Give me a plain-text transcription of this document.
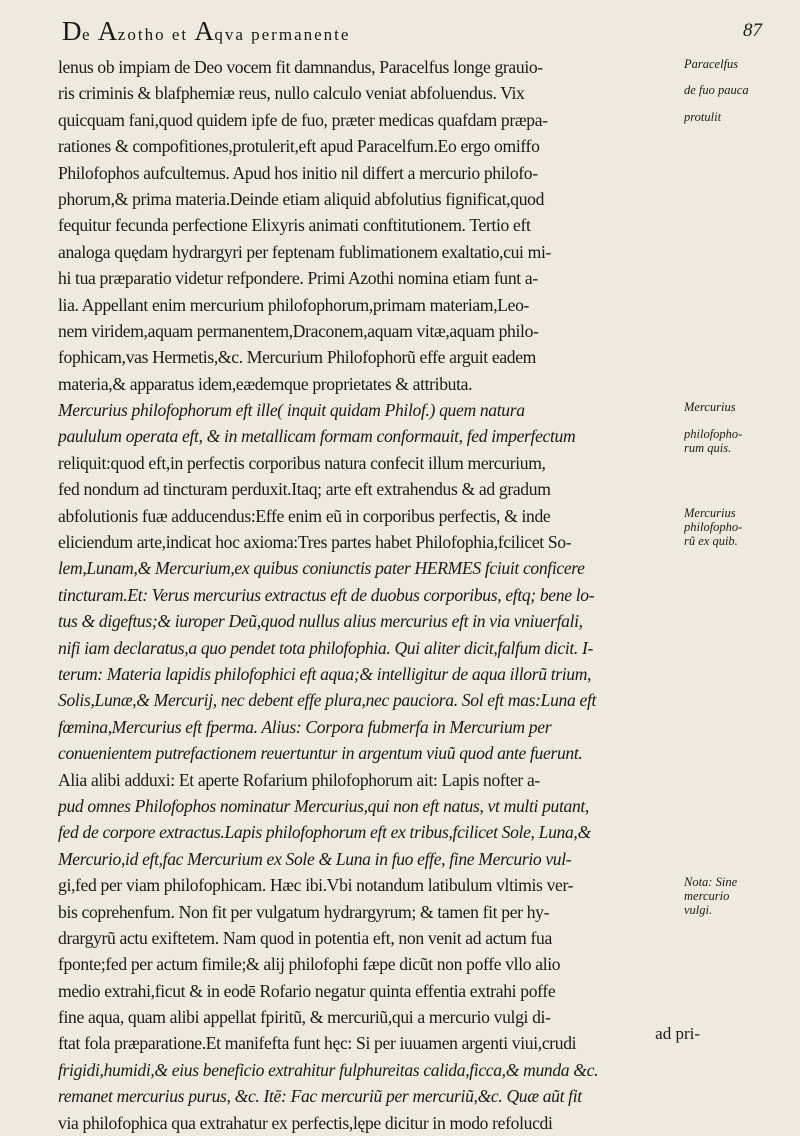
De Azotho et Aqva permanente	87
lenus ob impiam de Deo vocem fit damnandus, Paracelfus longe grauio-
ris criminis & blafphemiæ reus, nullo calculo veniat abfoluendus. Vix
quicquam fani,quod quidem ipfe de fuo, præter medicas quafdam præpa-
rationes & compofitiones,protulerit,eft apud Paracelfum.Eo ergo omiffo
Philofophos aufcultemus. Apud hos initio nil differt a mercurio philofo-
phorum,& prima materia.Deinde etiam aliquid abfolutius fignificat,quod
fequitur fecunda perfectione Elixyris animati conftitutionem. Tertio eft
analoga quędam hydrargyri per feptenam fublimationem exaltatio,cui mi-
hi tua præparatio videtur refpondere. Primi Azothi nomina etiam funt a-
lia. Appellant enim mercurium philofophorum,primam materiam,Leo-
nem viridem,aquam permanentem,Draconem,aquam vitæ,aquam philo-
fophicam,vas Hermetis,&c. Mercurium Philofophorũ effe arguit eadem
materia,& apparatus idem,eædemque proprietates & attributa.
Mercurius philofophorum eft ille( inquit quidam Philof.) quem natura
paululum operata eft, & in metallicam formam conformauit, fed imperfectum
reliquit:quod eft,in perfectis corporibus natura confecit illum mercurium,
fed nondum ad tincturam perduxit.Itaq; arte eft extrahendus & ad gradum
abfolutionis fuæ adducendus:Effe enim eũ in corporibus perfectis, & inde
eliciendum arte,indicat hoc axioma:Tres partes habet Philofophia,fcilicet So-
lem,Lunam,& Mercurium,ex quibus coniunctis pater HERMES fciuit conficere
tincturam.Et: Verus mercurius extractus eft de duobus corporibus, eftq; bene lo-
tus & digeftus;& iuroper Deũ,quod nullus alius mercurius eft in via vniuerfali,
nifi iam declaratus,a quo pendet tota philofophia. Qui aliter dicit,falfum dicit. I-
terum: Materia lapidis philofophici eft aqua;& intelligitur de aqua illorũ trium,
Solis,Lunæ,& Mercurij, nec debent effe plura,nec pauciora. Sol eft mas:Luna eft
fœmina,Mercurius eft fperma. Alius: Corpora fubmerfa in Mercurium per
conuenientem putrefactionem reuertuntur in argentum viuũ quod ante fuerunt.
Alia alibi adduxi: Et aperte Rofarium philofophorum ait: Lapis nofter a-
pud omnes Philofophos nominatur Mercurius,qui non eft natus, vt multi putant,
fed de corpore extractus.Lapis philofophorum eft ex tribus,fcilicet Sole, Luna,&
Mercurio,id eft,fac Mercurium ex Sole & Luna in fuo effe, fine Mercurio vul-
gi,fed per viam philofophicam. Hæc ibi.Vbi notandum latibulum vltimis ver-
bis coprehenfum. Non fit per vulgatum hydrargyrum; & tamen fit per hy-
drargyrũ actu exiftetem. Nam quod in potentia eft, non venit ad actum fua
fponte;fed per actum fimile;& alij philofophi fæpe dicũt non poffe vllo alio
medio extrahi,ficut & in eodē Rofario negatur quinta effentia extrahi poffe
fine aqua, quam alibi appellat fpiritũ, & mercuriũ,qui a mercurio vulgi di-
ftat fola præparatione.Et manifefta funt hęc: Si per iuuamen argenti viui,crudi
frigidi,humidi,& eius beneficio extrahitur fulphureitas calida,ficca,& munda &c.
remanet mercurius purus, &c. Itē: Fac mercuriũ per mercuriũ,&c. Quæ aũt fit
via philofophica qua extrahatur ex perfectis,lępe dicitur in modo refolucdi
Paracelfus
de fuo pauca
protulit
Mercurius
philofopho-
rum quis.
Mercurius
philofopho-
rũ ex quib.
Nota: Sine
mercurio
vulgi.
ad pri-
